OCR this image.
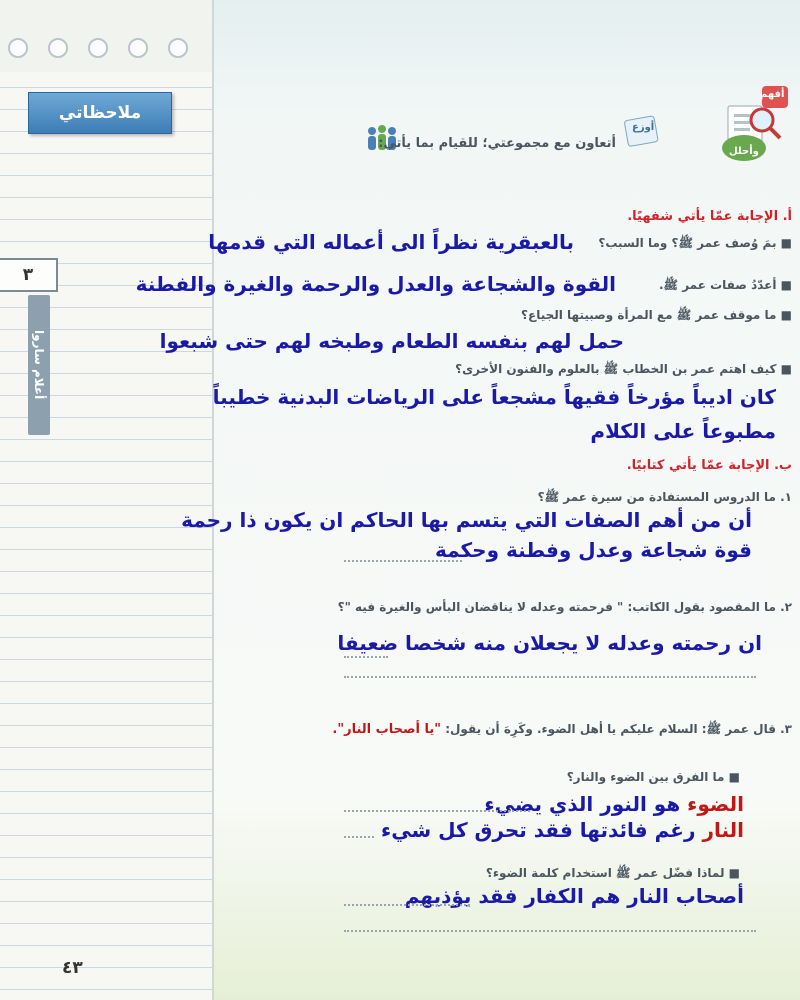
ملاحظاتي
٣
أعلام ساروا
٤٣
أفهم
وأحلل
أوزع
أتعاون مع مجموعتي؛ للقيام بما يأتي:
أ. الإجابة عمّا يأتي شفهيًا.
■ بمَ وُصف عمر ﷺ؟ وما السبب؟
بالعبقرية نظراً الى أعماله التي قدمها
■ أعدّدُ صفات عمر ﷺ.
القوة والشجاعة والعدل والرحمة والغيرة والفطنة
■ ما موقف عمر ﷺ مع المرأة وصبيتها الجياع؟
حمل لهم بنفسه الطعام وطبخه لهم حتى شبعوا
■ كيف اهتم عمر بن الخطاب ﷺ بالعلوم والفنون الأخرى؟
كان اديباً مؤرخاً فقيهاً مشجعاً على الرياضات البدنية خطيباً
مطبوعاً على الكلام
ب. الإجابة عمّا يأتي كتابيًا.
١. ما الدروس المستفادة من سيرة عمر ﷺ؟
أن من أهم الصفات التي يتسم بها الحاكم ان يكون ذا رحمة
قوة شجاعة وعدل وفطنة وحكمة
٢. ما المقصود بقول الكاتب: " فرحمته وعدله لا يناقضان البأس والغيرة فيه "؟
ان رحمته وعدله لا يجعلان منه شخصا ضعيفا
٣. قال عمر ﷺ: السلام عليكم يا أهل الضوء. وكَرِهَ أن يقول: "يا أصحاب النار".
■ ما الفرق بين الضوء والنار؟
الضوء هو النور الذي يضيء
النار رغم فائدتها فقد تحرق كل شيء
■ لماذا فضّل عمر ﷺ استخدام كلمة الضوء؟
أصحاب النار هم الكفار فقد يؤذيهم
